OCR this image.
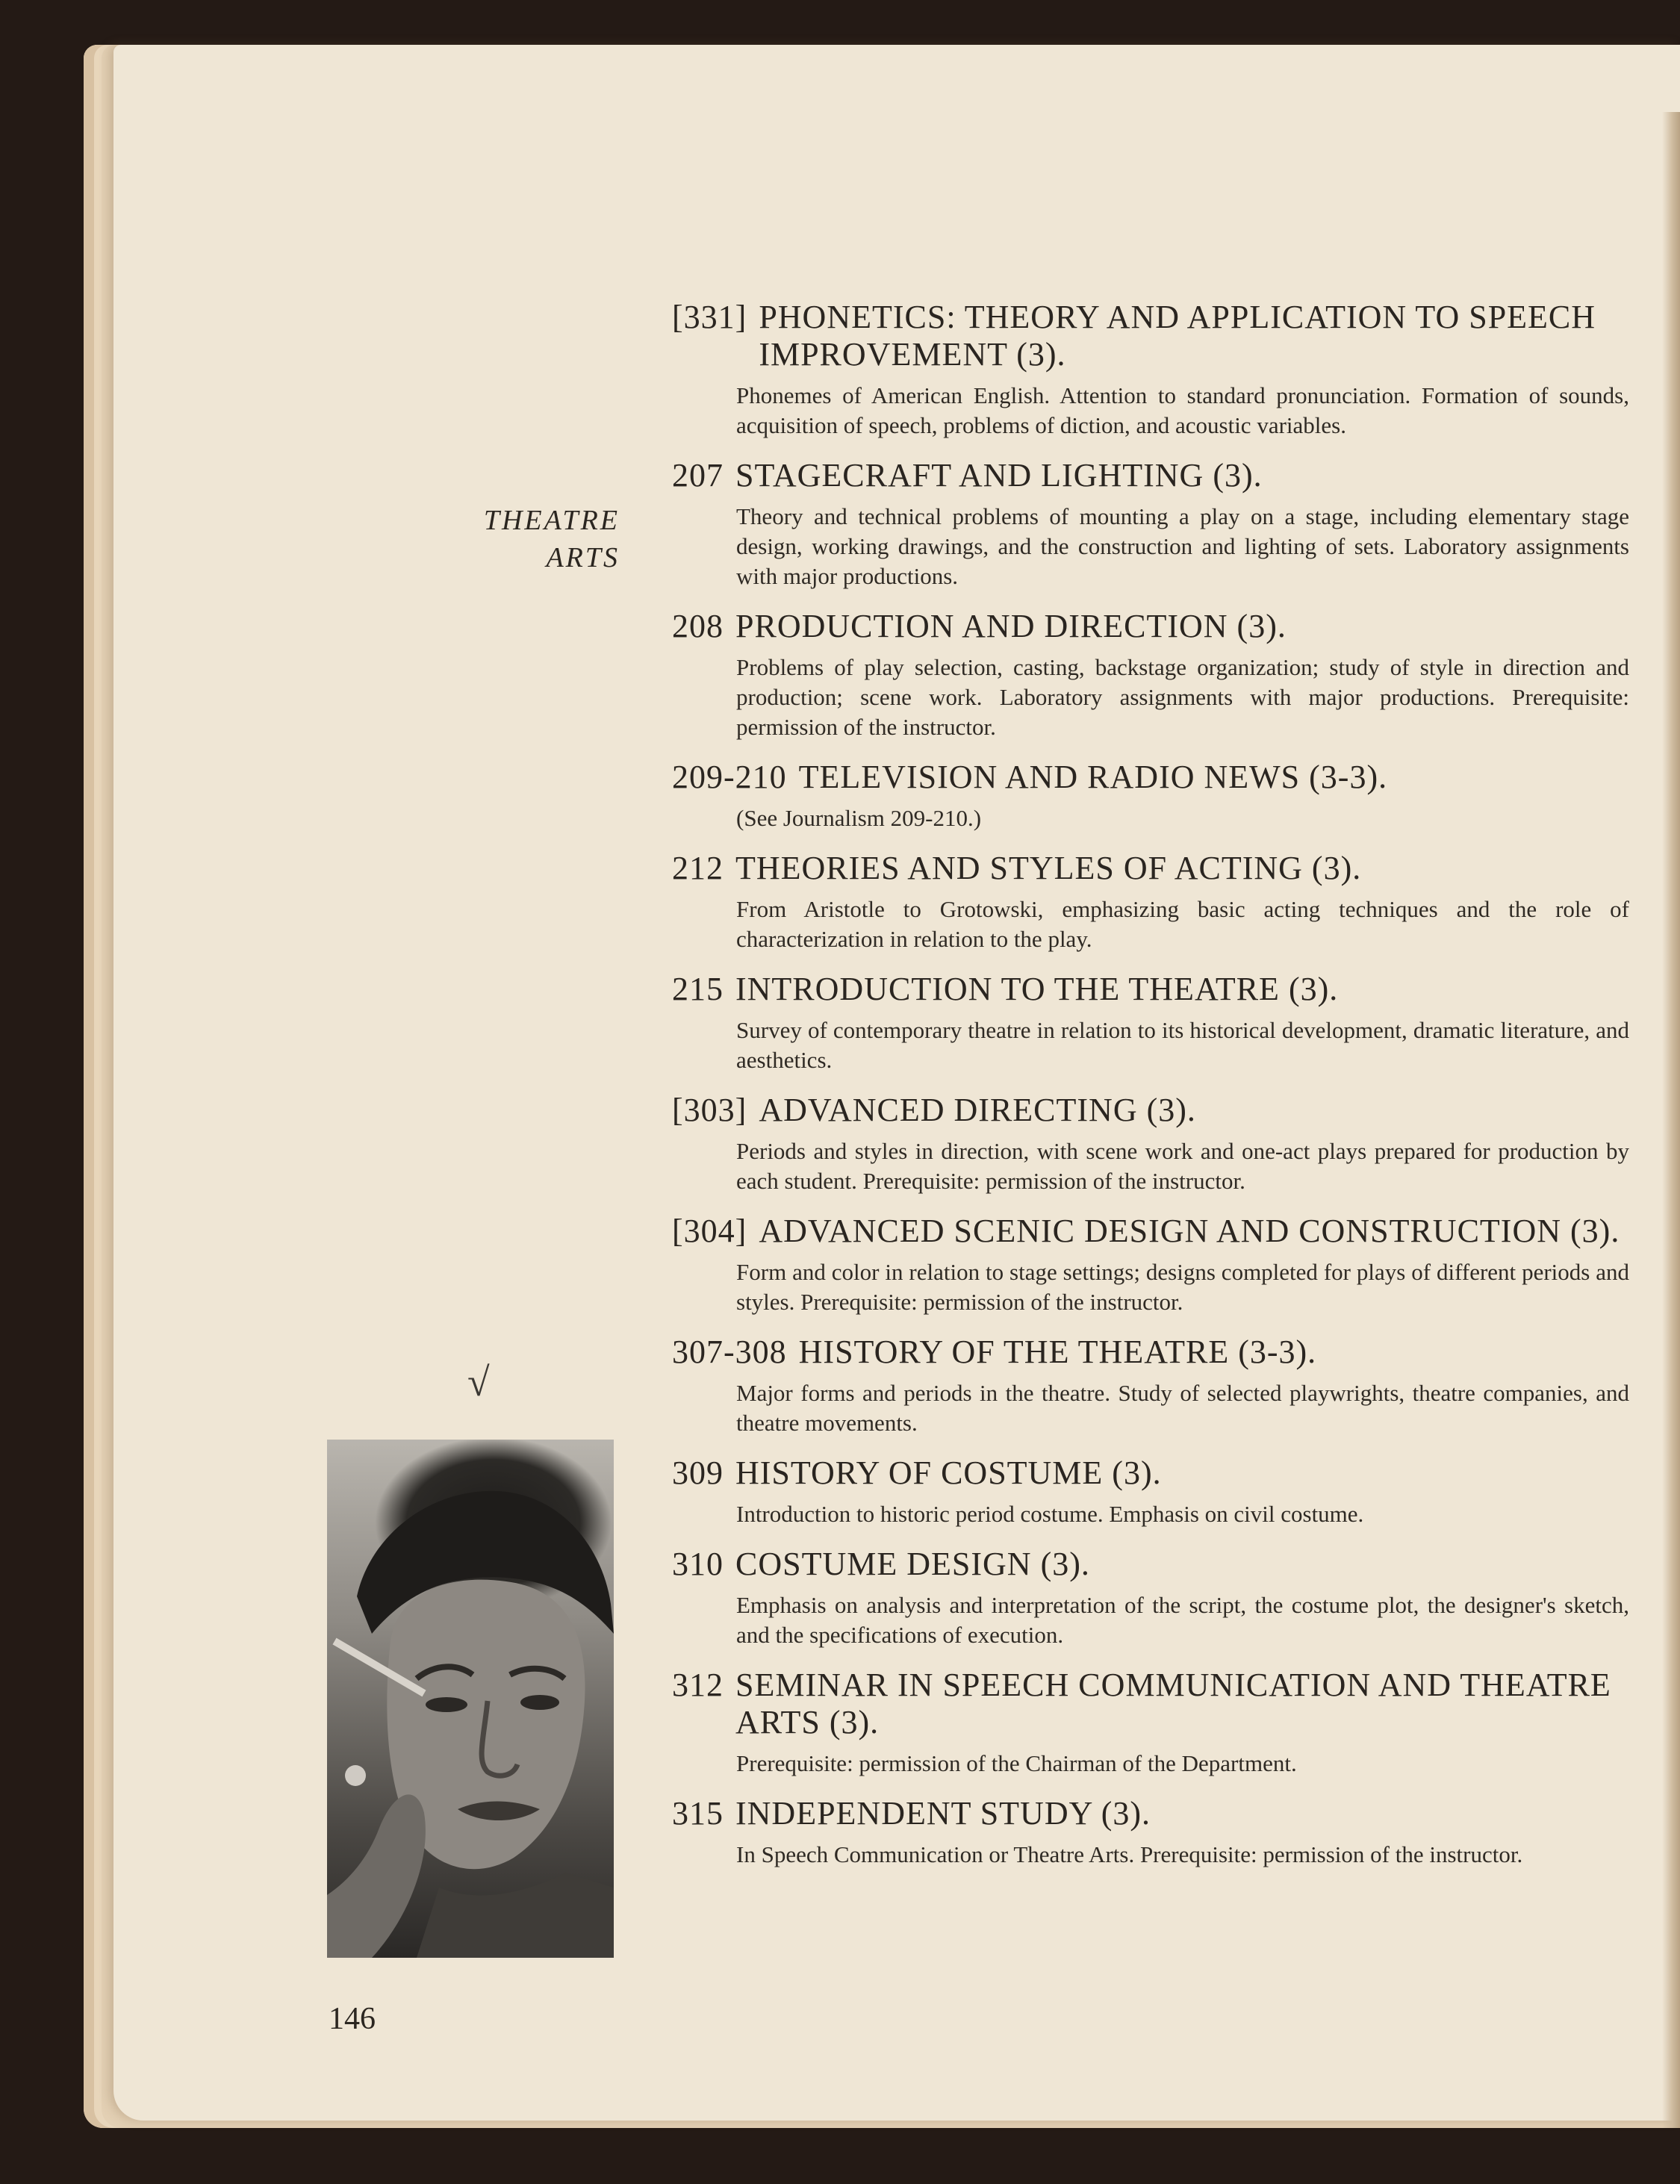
THEATRE
ARTS
√
146
[331] PHONETICS: THEORY AND APPLICATION TO SPEECH IMPROVEMENT (3).
Phonemes of American English. Attention to standard pronunciation. Formation of sounds, acquisition of speech, problems of diction, and acoustic variables.
207 STAGECRAFT AND LIGHTING (3).
Theory and technical problems of mounting a play on a stage, including elementary stage design, working drawings, and the construction and lighting of sets. Laboratory assignments with major productions.
208 PRODUCTION AND DIRECTION (3).
Problems of play selection, casting, backstage organization; study of style in direction and production; scene work. Laboratory assignments with major productions. Prerequisite: permission of the instructor.
209-210 TELEVISION AND RADIO NEWS (3-3).
(See Journalism 209-210.)
212 THEORIES AND STYLES OF ACTING (3).
From Aristotle to Grotowski, emphasizing basic acting techniques and the role of characterization in relation to the play.
215 INTRODUCTION TO THE THEATRE (3).
Survey of contemporary theatre in relation to its historical development, dramatic literature, and aesthetics.
[303] ADVANCED DIRECTING (3).
Periods and styles in direction, with scene work and one-act plays prepared for production by each student. Prerequisite: permission of the instructor.
[304] ADVANCED SCENIC DESIGN AND CONSTRUCTION (3).
Form and color in relation to stage settings; designs completed for plays of different periods and styles. Prerequisite: permission of the instructor.
307-308 HISTORY OF THE THEATRE (3-3).
Major forms and periods in the theatre. Study of selected playwrights, theatre companies, and theatre movements.
309 HISTORY OF COSTUME (3).
Introduction to historic period costume. Emphasis on civil costume.
310 COSTUME DESIGN (3).
Emphasis on analysis and interpretation of the script, the costume plot, the designer's sketch, and the specifications of execution.
312 SEMINAR IN SPEECH COMMUNICATION AND THEATRE ARTS (3).
Prerequisite: permission of the Chairman of the Department.
315 INDEPENDENT STUDY (3).
In Speech Communication or Theatre Arts. Prerequisite: permission of the instructor.
